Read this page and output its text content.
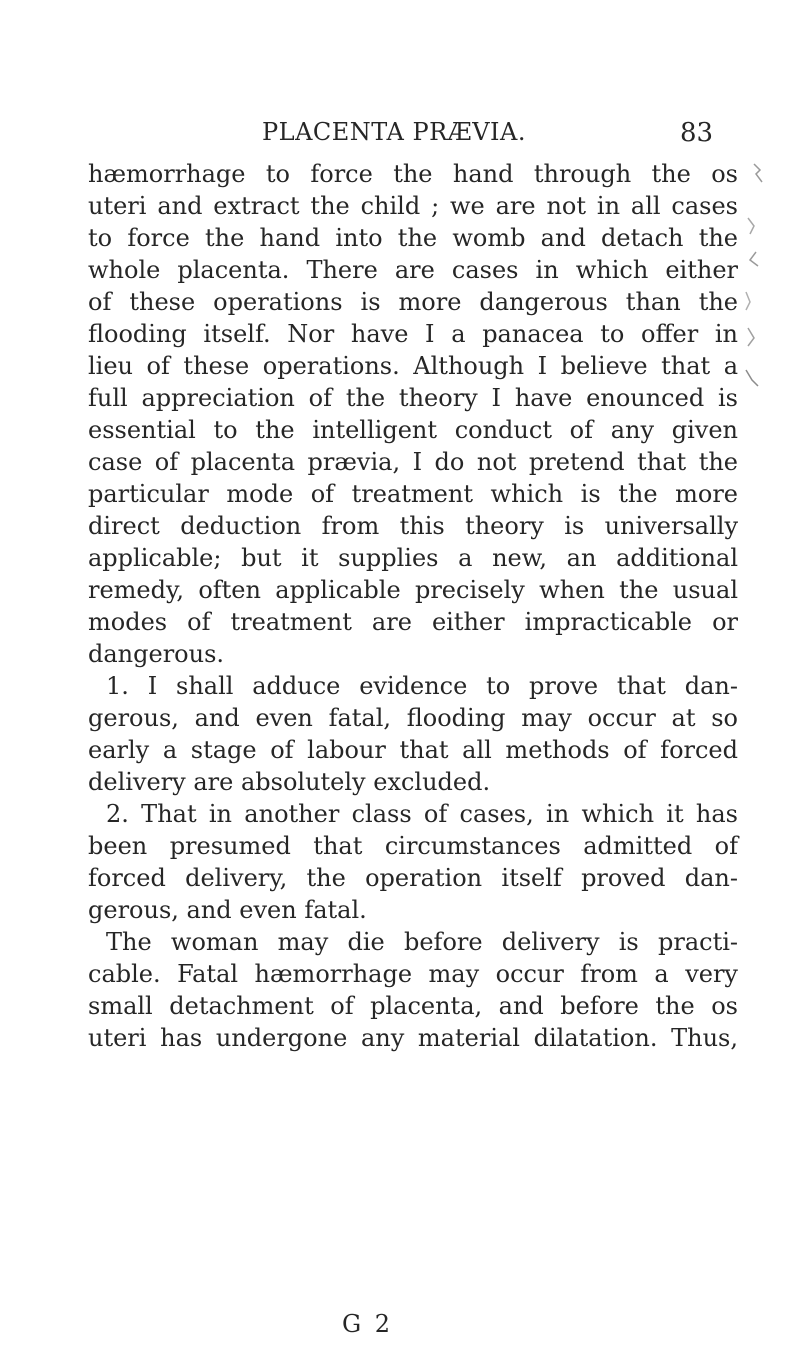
PLACENTA PRÆVIA.	83
hæmorrhage to force the hand through the os
uteri and extract the child ; we are not in all cases
to force the hand into the womb and detach the
whole placenta. There are cases in which either
of these operations is more dangerous than the
flooding itself. Nor have I a panacea to offer in
lieu of these operations. Although I believe that a
full appreciation of the theory I have enounced is
essential to the intelligent conduct of any given
case of placenta prævia, I do not pretend that the
particular mode of treatment which is the more
direct deduction from this theory is universally
applicable; but it supplies a new, an additional
remedy, often applicable precisely when the usual
modes of treatment are either impracticable or
dangerous.
1. I shall adduce evidence to prove that dan-
gerous, and even fatal, flooding may occur at so
early a stage of labour that all methods of forced
delivery are absolutely excluded.
2. That in another class of cases, in which it has
been presumed that circumstances admitted of
forced delivery, the operation itself proved dan-
gerous, and even fatal.
The woman may die before delivery is practi-
cable. Fatal hæmorrhage may occur from a very
small detachment of placenta, and before the os
uteri has undergone any material dilatation. Thus,
G 2
